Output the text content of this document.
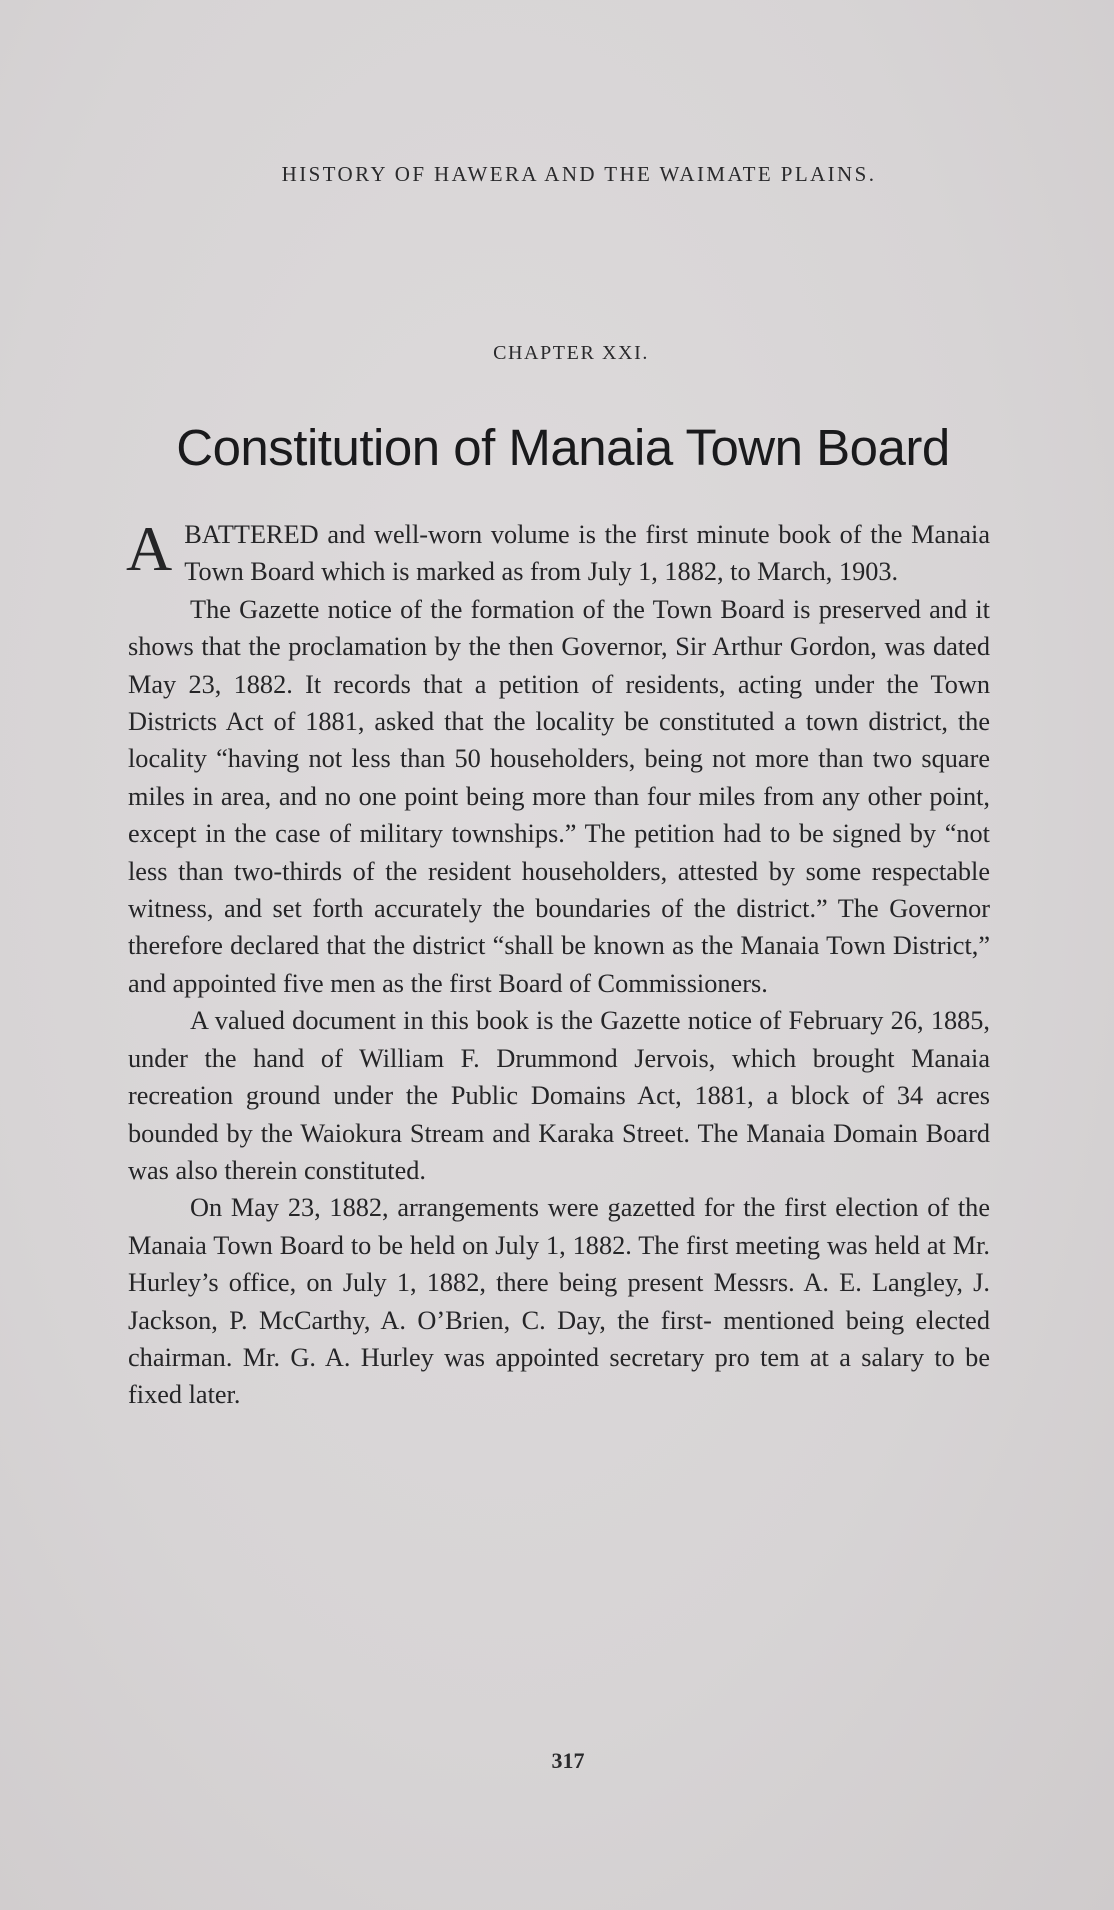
HISTORY OF HAWERA AND THE WAIMATE PLAINS.
CHAPTER XXI.
Constitution of Manaia Town Board

ABATTERED and well-worn volume is the first minute book of the Manaia Town Board which is marked as from July 1, 1882, to March, 1903.

The Gazette notice of the formation of the Town Board is preserved and it shows that the proclamation by the then Governor, Sir Arthur Gordon, was dated May 23, 1882. It records that a petition of residents, acting under the Town Districts Act of 1881, asked that the locality be constituted a town district, the locality “having not less than 50 householders, being not more than two square miles in area, and no one point being more than four miles from any other point, except in the case of military townships.” The petition had to be signed by “not less than two-thirds of the resident householders, attested by some respectable witness, and set forth accurately the boundaries of the district.” The Governor therefore declared that the district “shall be known as the Manaia Town District,” and appointed five men as the first Board of Commissioners.

A valued document in this book is the Gazette notice of February 26, 1885, under the hand of William F. Drummond Jervois, which brought Manaia recreation ground under the Public Domains Act, 1881, a block of 34 acres bounded by the Waiokura Stream and Karaka Street. The Manaia Domain Board was also therein constituted.

On May 23, 1882, arrangements were gazetted for the first election of the Manaia Town Board to be held on July 1, 1882. The first meeting was held at Mr. Hurley’s office, on July 1, 1882, there being present Messrs. A. E. Langley, J. Jackson, P. McCarthy, A. O’Brien, C. Day, the first- mentioned being elected chairman. Mr. G. A. Hurley was appointed secretary pro tem at a salary to be fixed later.

317
